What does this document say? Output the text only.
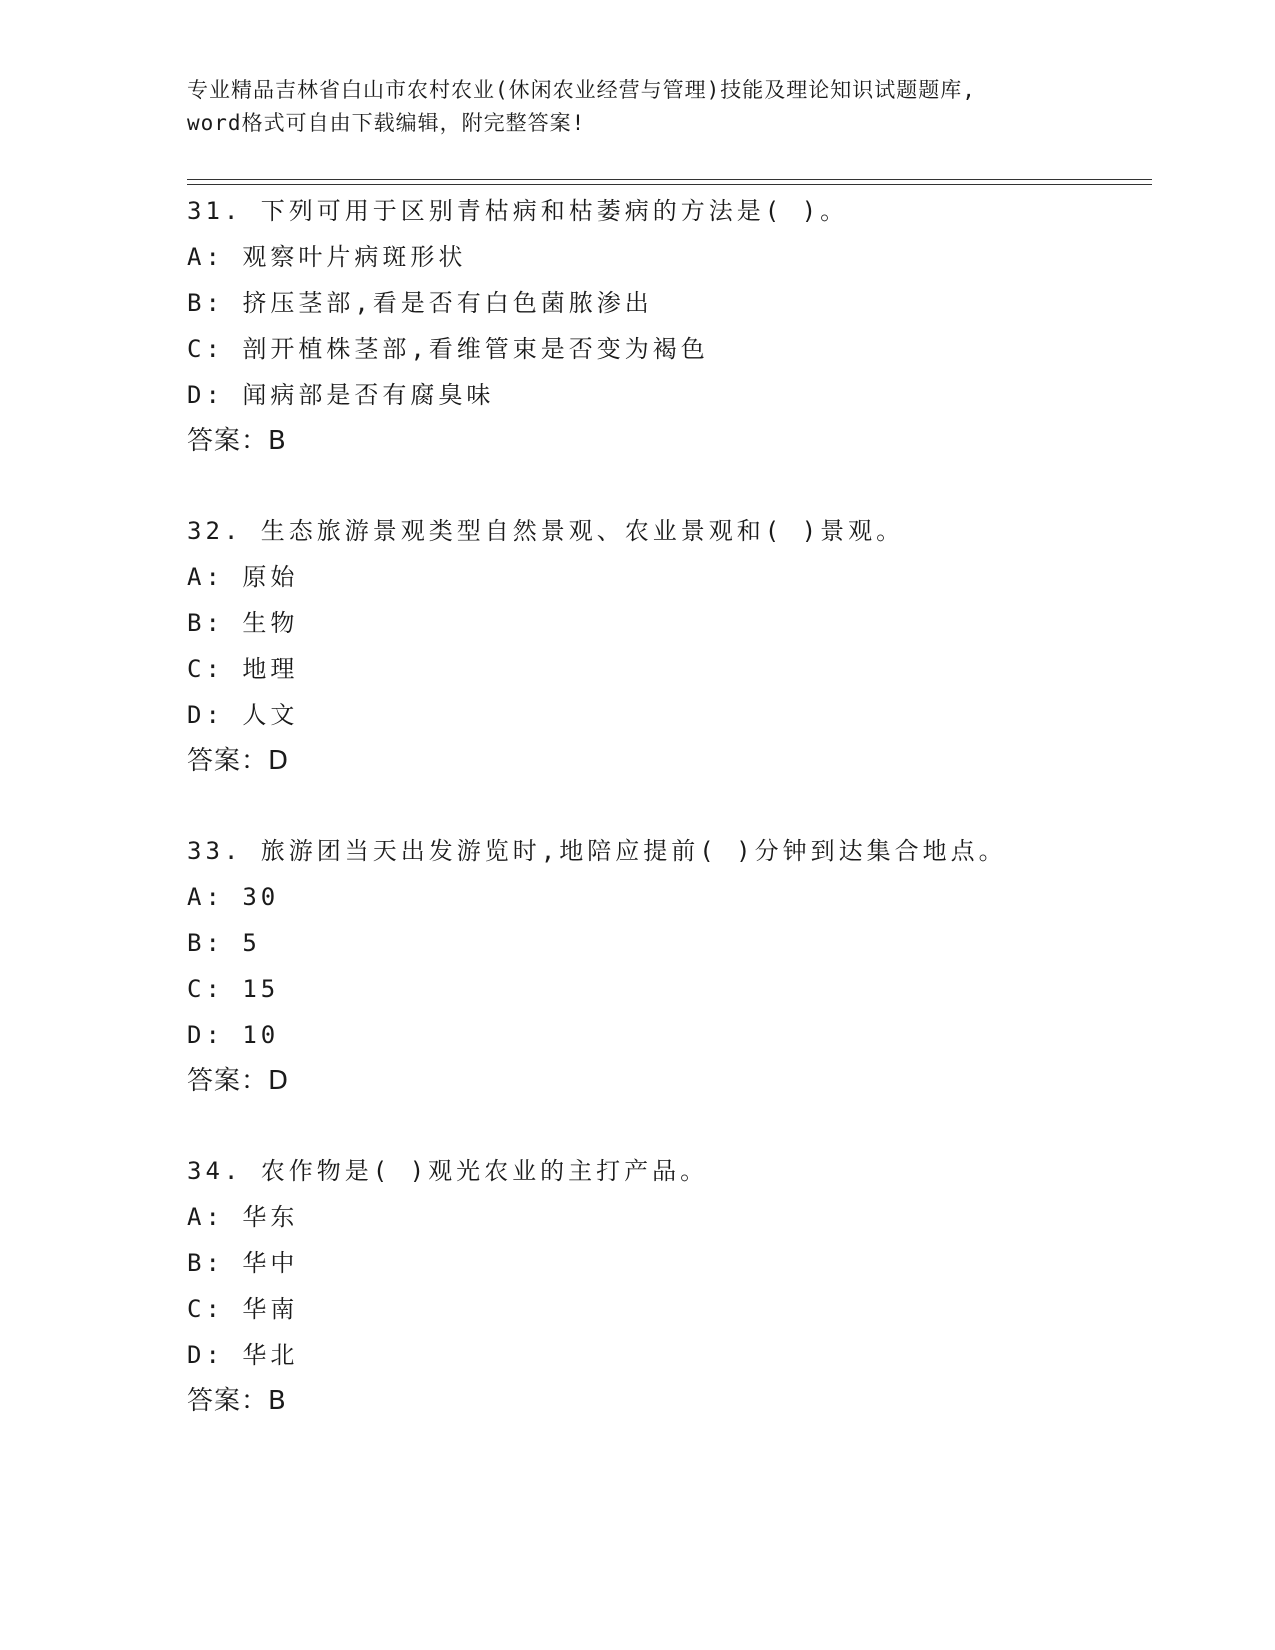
专业精品吉林省白山市农村农业(休闲农业经营与管理)技能及理论知识试题题库,
word格式可自由下载编辑，附完整答案!
31. 下列可用于区别青枯病和枯萎病的方法是( )。
A: 观察叶片病斑形状
B: 挤压茎部,看是否有白色菌脓渗出
C: 剖开植株茎部,看维管束是否变为褐色
D: 闻病部是否有腐臭味
答案：B
32. 生态旅游景观类型自然景观、农业景观和( )景观。
A: 原始
B: 生物
C: 地理
D: 人文
答案：D
33. 旅游团当天出发游览时,地陪应提前( )分钟到达集合地点。
A: 30
B: 5
C: 15
D: 10
答案：D
34. 农作物是( )观光农业的主打产品。
A: 华东
B: 华中
C: 华南
D: 华北
答案：B
